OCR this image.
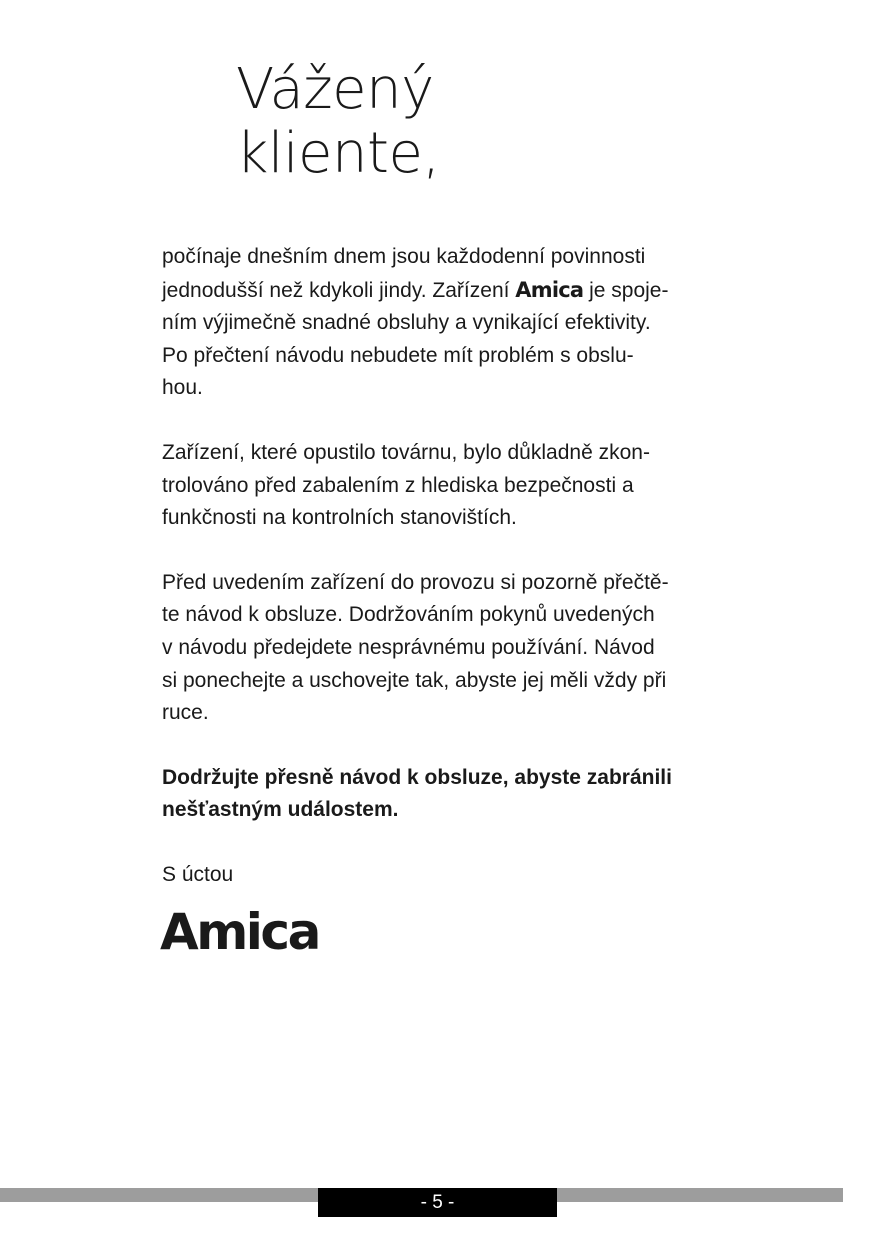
Vážený
kliente,

počínaje dnešním dnem jsou každodenní povinnosti
jednodušší než kdykoli jindy. Zařízení Amica je spoje-
ním výjimečně snadné obsluhy a vynikající efektivity.
Po přečtení návodu nebudete mít problém s obslu-
hou.

Zařízení, které opustilo továrnu, bylo důkladně zkon-
trolováno před zabalením z hlediska bezpečnosti a
funkčnosti na kontrolních stanovištích.

Před uvedením zařízení do provozu si pozorně přečtě-
te návod k obsluze. Dodržováním pokynů uvedených
v návodu předejdete nesprávnému používání. Návod
si ponechejte a uschovejte tak, abyste jej měli vždy při
ruce.

Dodržujte přesně návod k obsluze, abyste zabránili
nešťastným událostem.

S úctou

Amica
- 5 -
